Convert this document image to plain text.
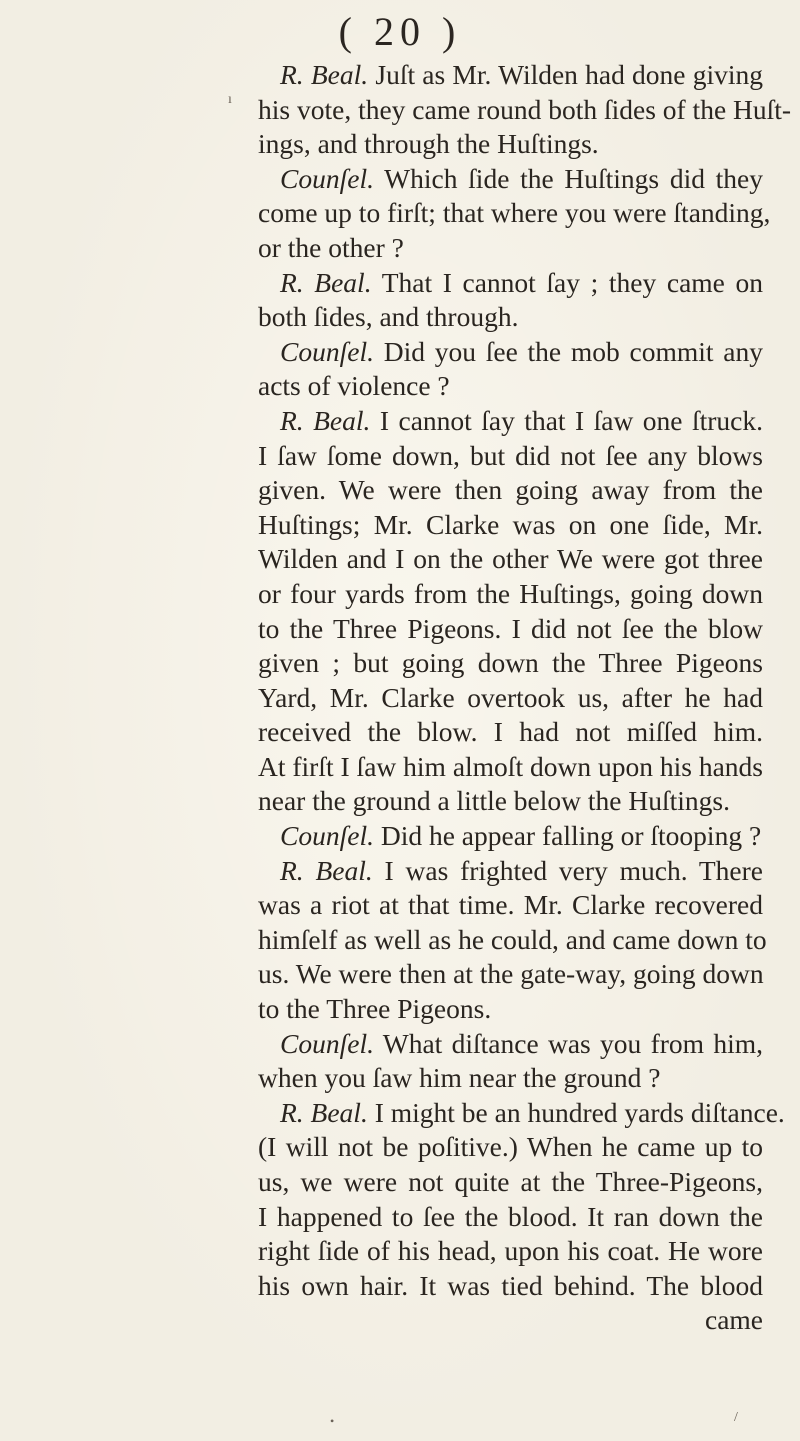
( 20 )
R. Beal. Juſt as Mr. Wilden had done giving
his vote, they came round both ſides of the Huſt-
ings, and through the Huſtings.
Counſel. Which ſide the Huſtings did they
come up to firſt; that where you were ſtanding,
or the other ?
R. Beal. That I cannot ſay ; they came on
both ſides, and through.
Counſel. Did you ſee the mob commit any
acts of violence ?
R. Beal. I cannot ſay that I ſaw one ſtruck.
I ſaw ſome down, but did not ſee any blows
given. We were then going away from the
Huſtings; Mr. Clarke was on one ſide, Mr.
Wilden and I on the other We were got three
or four yards from the Huſtings, going down
to the Three Pigeons. I did not ſee the blow
given ; but going down the Three Pigeons
Yard, Mr. Clarke overtook us, after he had
received the blow. I had not miſſed him.
At firſt I ſaw him almoſt down upon his hands
near the ground a little below the Huſtings.
Counſel. Did he appear falling or ſtooping ?
R. Beal. I was frighted very much. There
was a riot at that time. Mr. Clarke recovered
himſelf as well as he could, and came down to
us. We were then at the gate-way, going down
to the Three Pigeons.
Counſel. What diſtance was you from him,
when you ſaw him near the ground ?
R. Beal. I might be an hundred yards diſtance.
(I will not be poſitive.) When he came up to
us, we were not quite at the Three-Pigeons,
I happened to ſee the blood. It ran down the
right ſide of his head, upon his coat. He wore
his own hair. It was tied behind. The blood
came
ı
•	/
